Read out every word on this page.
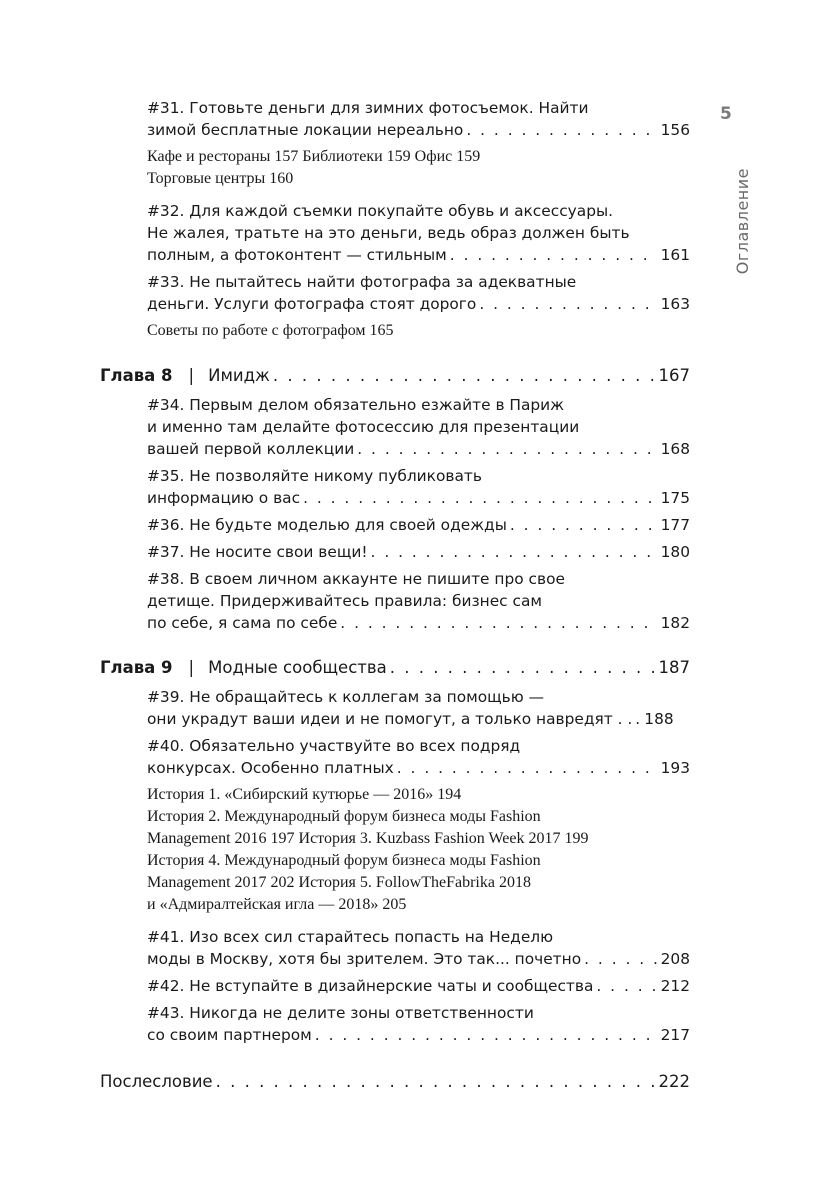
5
Оглавление
#31. Готовьте деньги для зимних фотосъемок. Найти
зимой бесплатные локации нереально . . .	156
Кафе и рестораны 157 Библиотеки 159 Офис 159
Торговые центры 160
#32. Для каждой съемки покупайте обувь и аксессуары.
Не жалея, тратьте на это деньги, ведь образ должен быть
полным, а фотоконтент — стильным . . .	161
#33. Не пытайтесь найти фотографа за адекватные
деньги. Услуги фотографа стоят дорого . . .	163
Советы по работе с фотографом 165
Глава 8 | Имидж . . .	167
#34. Первым делом обязательно езжайте в Париж
и именно там делайте фотосессию для презентации
вашей первой коллекции . . .	168
#35. Не позволяйте никому публиковать
информацию о вас . . .	175
#36. Не будьте моделью для своей одежды . . .	177
#37. Не носите свои вещи! . . .	180
#38. В своем личном аккаунте не пишите про свое
детище. Придерживайтесь правила: бизнес сам
по себе, я сама по себе . . .	182
Глава 9 | Модные сообщества . . .	187
#39. Не обращайтесь к коллегам за помощью —
они украдут ваши идеи и не помогут, а только навредят . . . . . 188
#40. Обязательно участвуйте во всех подряд
конкурсах. Особенно платных . . .	193
История 1. «Сибирский кутюрье — 2016» 194
История 2. Международный форум бизнеса моды Fashion
Management 2016 197 История 3. Kuzbass Fashion Week 2017 199
История 4. Международный форум бизнеса моды Fashion
Management 2017 202 История 5. FollowTheFabrika 2018
и «Адмиралтейская игла — 2018» 205
#41. Изо всех сил старайтесь попасть на Неделю
моды в Москву, хотя бы зрителем. Это так... почетно . . .	208
#42. Не вступайте в дизайнерские чаты и сообщества . . .	212
#43. Никогда не делите зоны ответственности
со своим партнером . . .	217
Послесловие . . .	222
